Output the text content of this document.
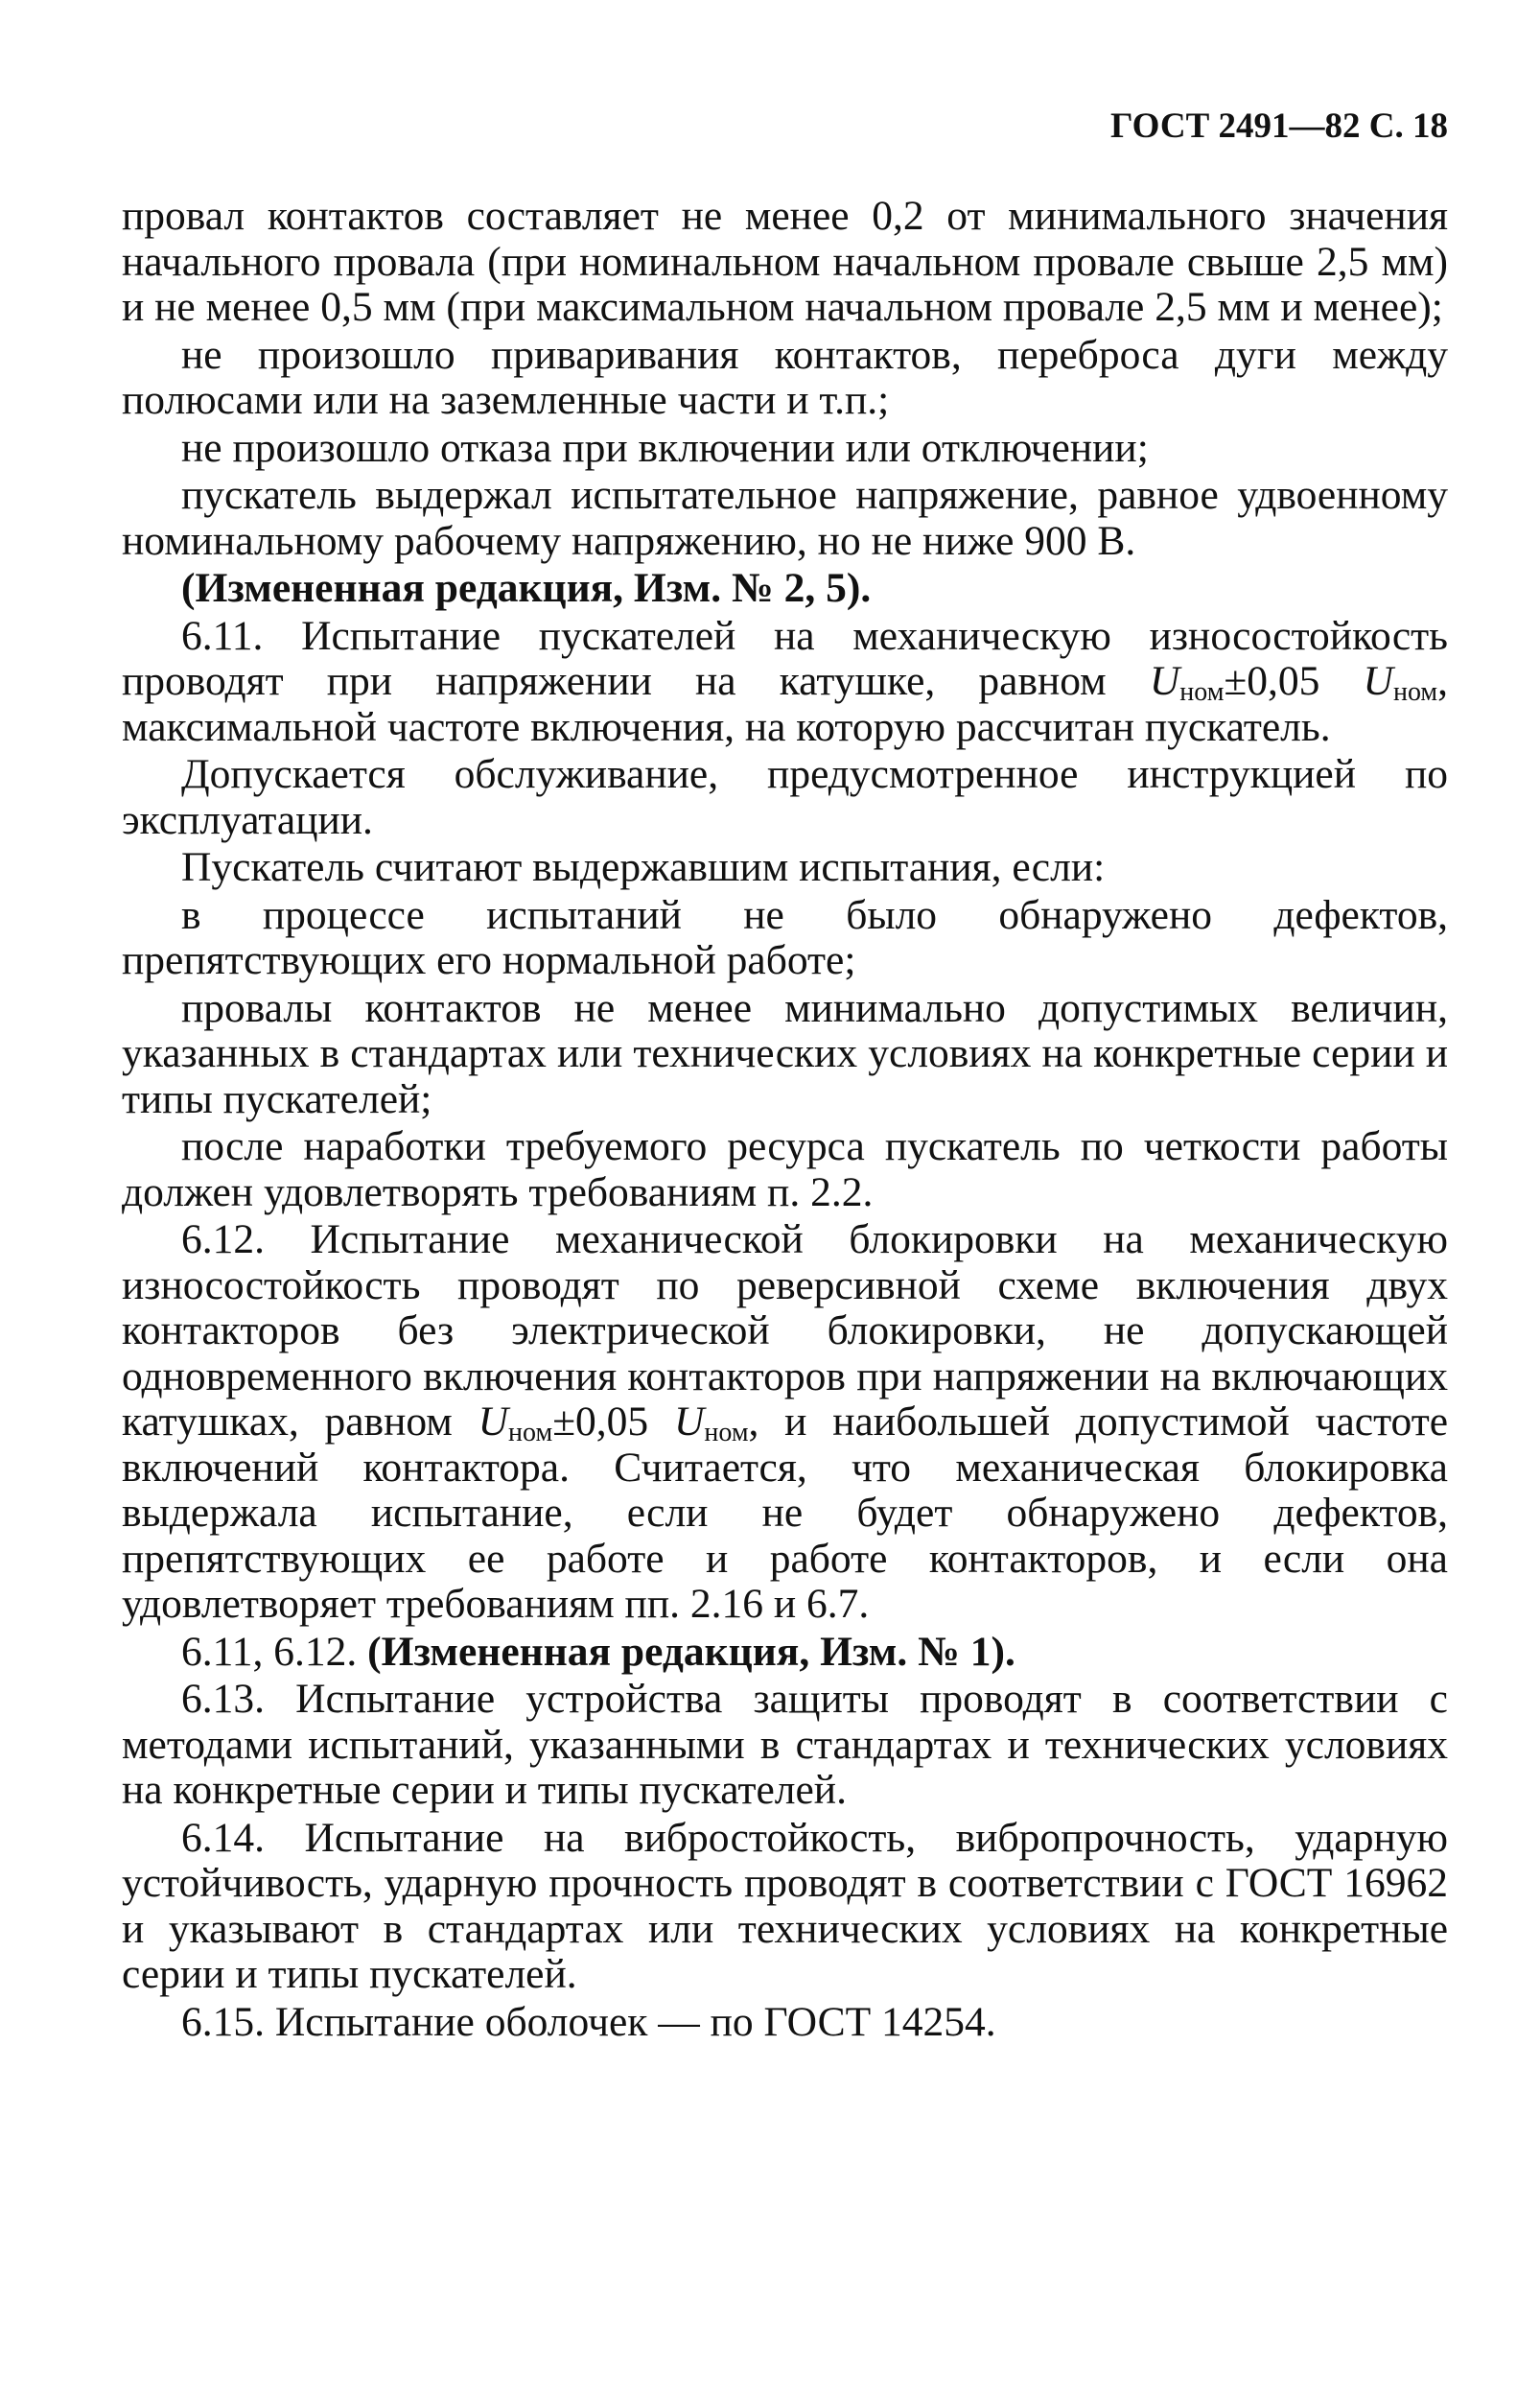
ГОСТ 2491—82 С. 18

провал контактов составляет не менее 0,2 от минимального значения начального провала (при номинальном начальном провале свыше 2,5 мм) и не менее 0,5 мм (при максимальном начальном провале 2,5 мм и менее);

не произошло приваривания контактов, переброса дуги между полюсами или на заземленные части и т.п.;

не произошло отказа при включении или отключении;

пускатель выдержал испытательное напряжение, равное удвоенному номинальному рабочему напряжению, но не ниже 900 В.

(Измененная редакция, Изм. № 2, 5).

6.11. Испытание пускателей на механическую износостойкость проводят при напряжении на катушке, равном $U_{ном}\pm 0,05$ $U_{ном}$, максимальной частоте включения, на которую рассчитан пускатель.

Допускается обслуживание, предусмотренное инструкцией по эксплуатации.

Пускатель считают выдержавшим испытания, если:

в процессе испытаний не было обнаружено дефектов, препятствующих его нормальной работе;

провалы контактов не менее минимально допустимых величин, указанных в стандартах или технических условиях на конкретные серии и типы пускателей;

после наработки требуемого ресурса пускатель по четкости работы должен удовлетворять требованиям п. 2.2.

6.12. Испытание механической блокировки на механическую износостойкость проводят по реверсивной схеме включения двух контакторов без электрической блокировки, не допускающей одновременного включения контакторов при напряжении на включающих катушках, равном $U_{ном}\pm 0,05$ $U_{ном}$, и наибольшей допустимой частоте включений контактора. Считается, что механическая блокировка выдержала испытание, если не будет обнаружено дефектов, препятствующих ее работе и работе контакторов, и если она удовлетворяет требованиям пп. 2.16 и 6.7.

6.11, 6.12. (Измененная редакция, Изм. № 1).

6.13. Испытание устройства защиты проводят в соответствии с методами испытаний, указанными в стандартах и технических условиях на конкретные серии и типы пускателей.

6.14. Испытание на вибростойкость, вибропрочность, ударную устойчивость, ударную прочность проводят в соответствии с ГОСТ 16962 и указывают в стандартах или технических условиях на конкретные серии и типы пускателей.

6.15. Испытание оболочек — по ГОСТ 14254.
